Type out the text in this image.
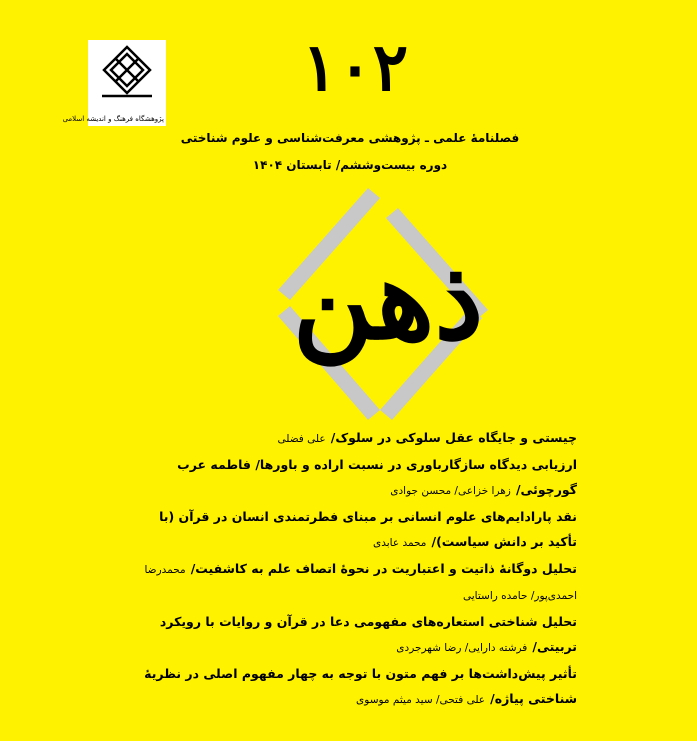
پژوهشگاه فرهنگ و اندیشه اسلامی
۱۰۲
فصلنامهٔ علمی ـ پژوهشی معرفت‌شناسی و علوم شناختی
دوره بیست‌وششم/ تابستان ۱۴۰۴
ذهن

چیستی و جایگاه عقل سلوکی در سلوک/ علی فضلی

ارزیابی دیدگاه سازگارباوری در نسبت اراده و باورها/ فاطمه عرب گورچوئی/ زهرا خزاعی/ محسن جوادی

نقد پارادایم‌های علوم انسانی بر مبنای فطرتمندی انسان در قرآن (با تأکید بر دانش سیاست)/ محمد عابدی

تحلیل دوگانهٔ ذاتیت و اعتباریت در نحوهٔ اتصاف علم به کاشفیت/ محمدرضا احمدی‌پور/ حامده راستایی

تحلیل شناختی استعاره‌های مفهومی دعا در قرآن و روایات با رویکرد تربیتی/ فرشته دارایی/ رضا شهرجردی

تأثیر پیش‌داشت‌ها بر فهم متون با توجه به چهار مفهوم اصلی در نظریهٔ شناختی پیاژه/ علی فتحی/ سید میثم موسوی
